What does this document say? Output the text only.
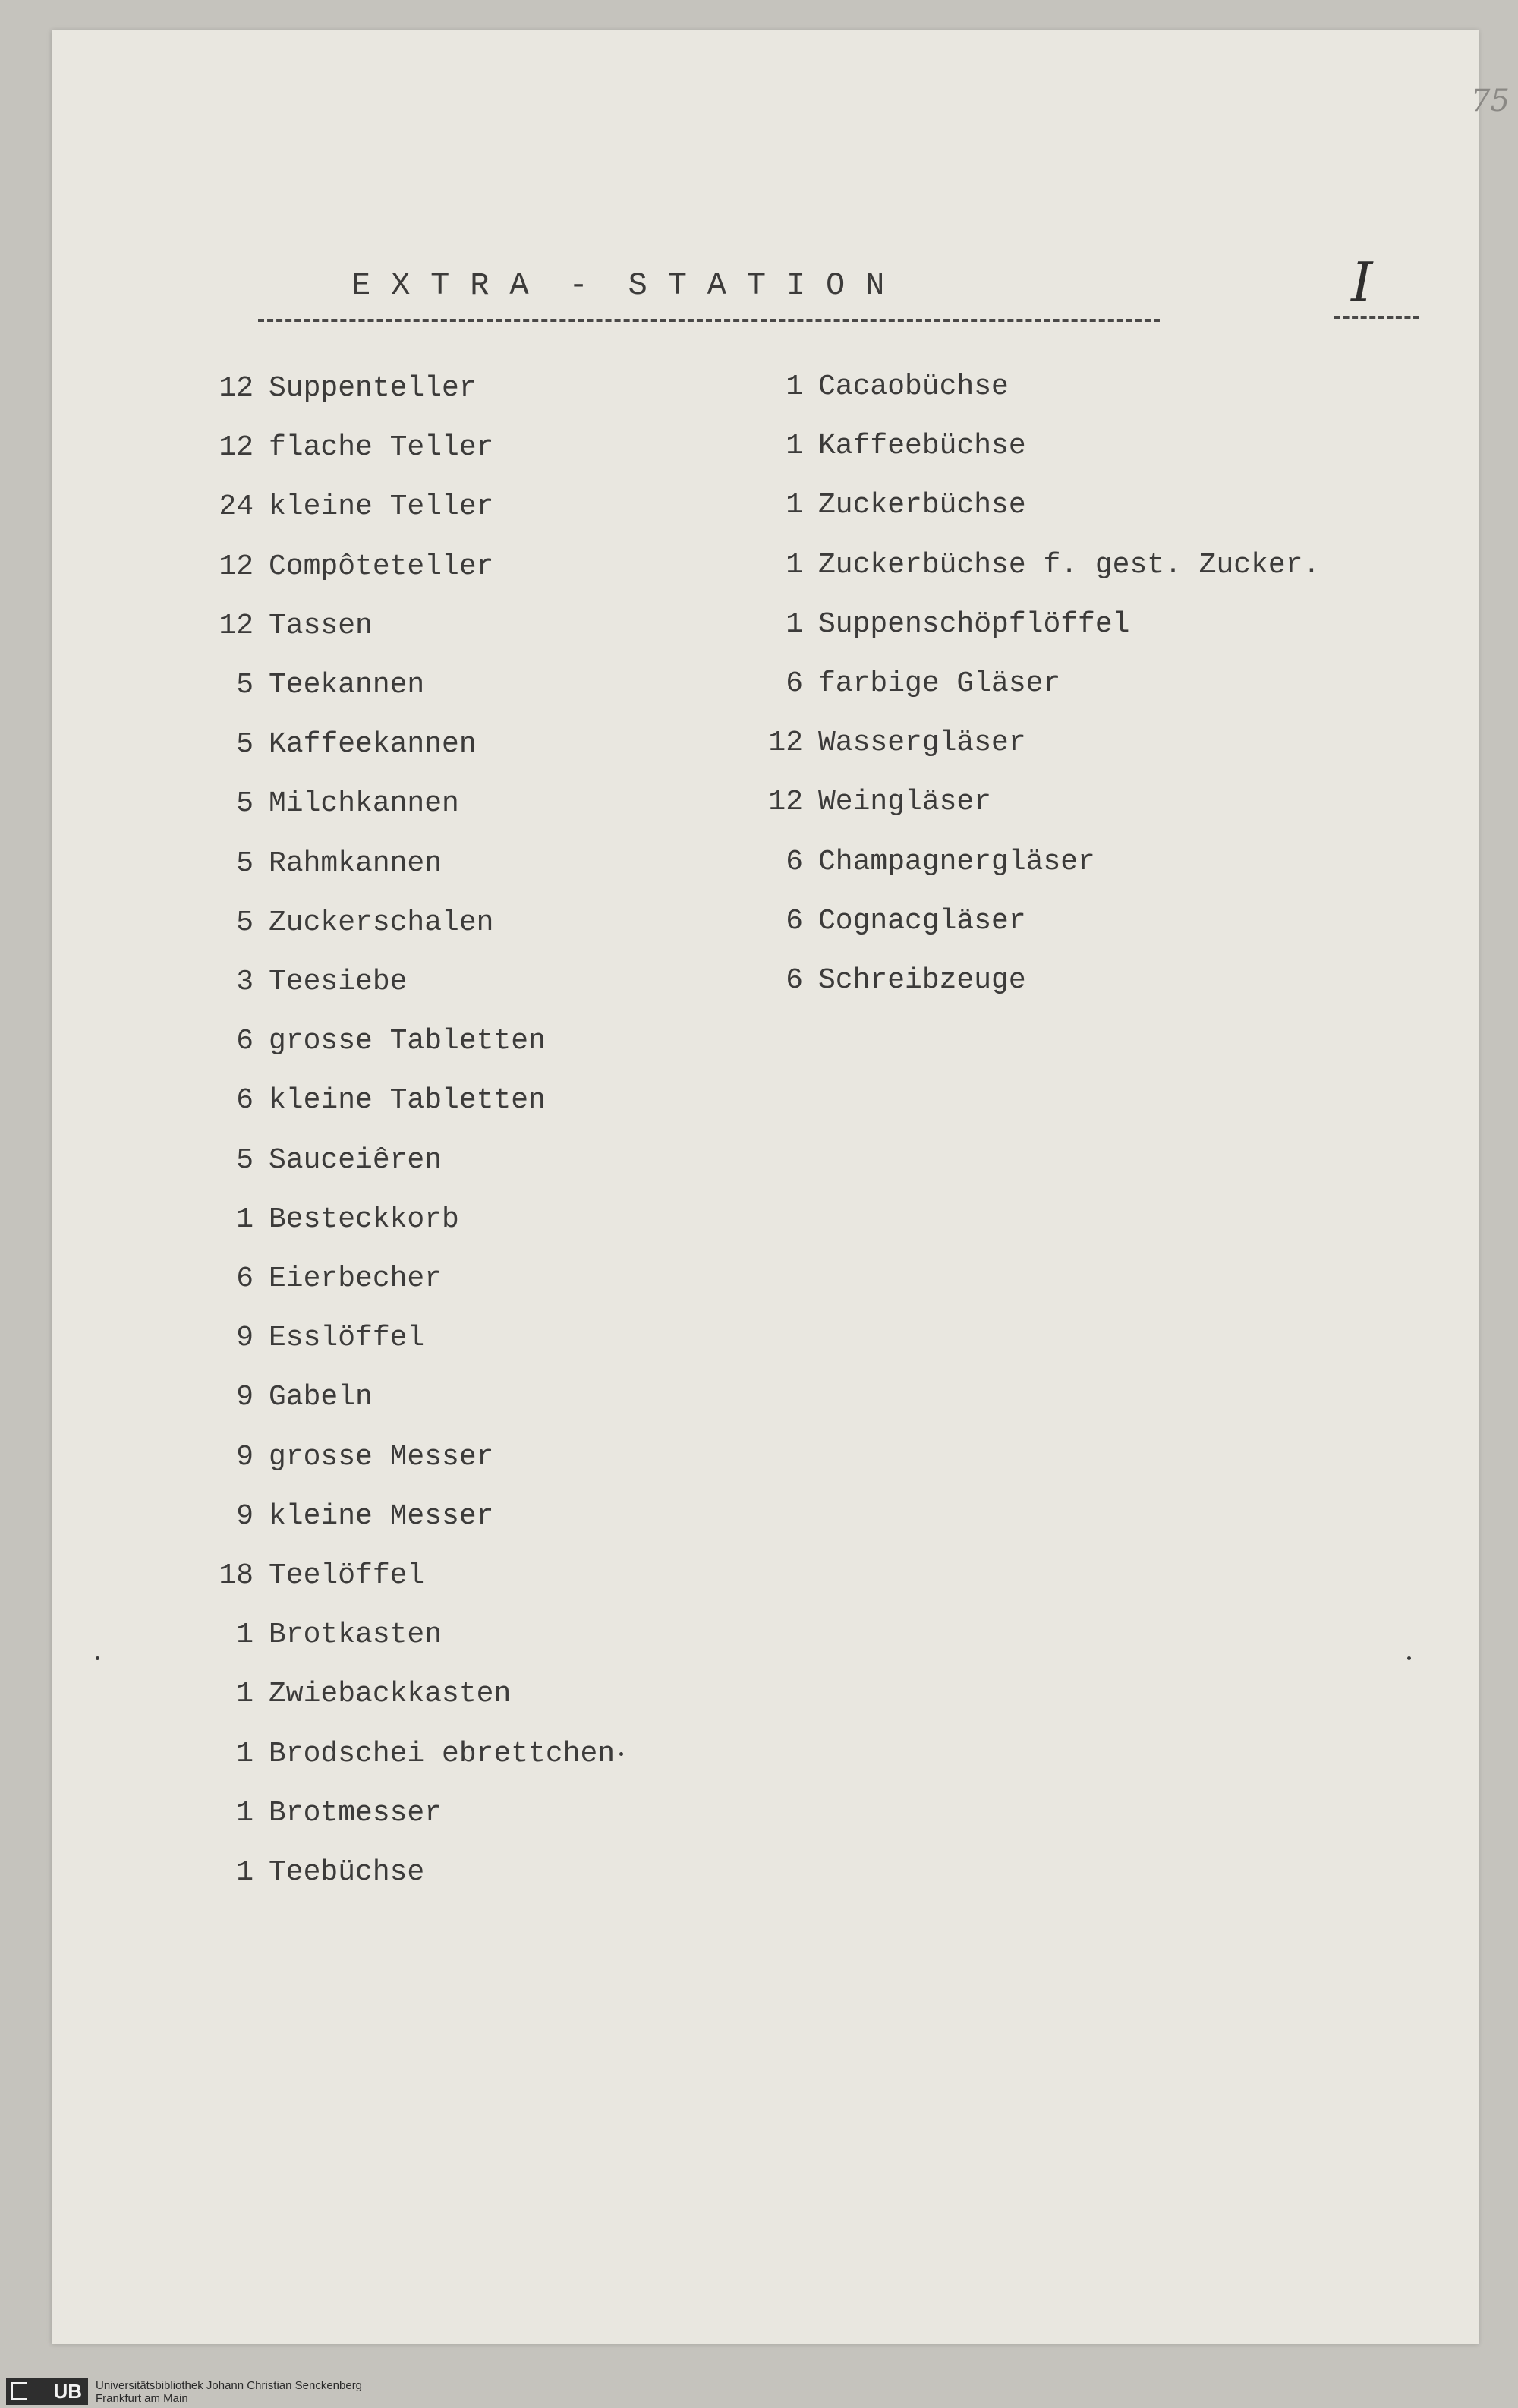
75
E X T R A  -  S T A T I O N	I
12 Suppenteller
12 flache Teller
24 kleine Teller
12 Compôteteller
12 Tassen
5 Teekannen
5 Kaffeekannen
5 Milchkannen
5 Rahmkannen
5 Zuckerschalen
3 Teesiebe
6 grosse Tabletten
6 kleine Tabletten
5 Sauceiêren
1 Besteckkorb
6 Eierbecher
9 Esslöffel
9 Gabeln
9 grosse Messer
9 kleine Messer
18 Teelöffel
1 Brotkasten
1 Zwiebackkasten
1 Brodschei ebrettchen
1 Brotmesser
1 Teebüchse
1 Cacaobüchse
1 Kaffeebüchse
1 Zuckerbüchse
1 Zuckerbüchse f. gest. Zucker.
1 Suppenschöpflöffel
6 farbige Gläser
12 Wassergläser
12 Weingläser
6 Champagnergläser
6 Cognacgläser
6 Schreibzeuge
UB Universitätsbibliothek Johann Christian Senckenberg
Frankfurt am Main
